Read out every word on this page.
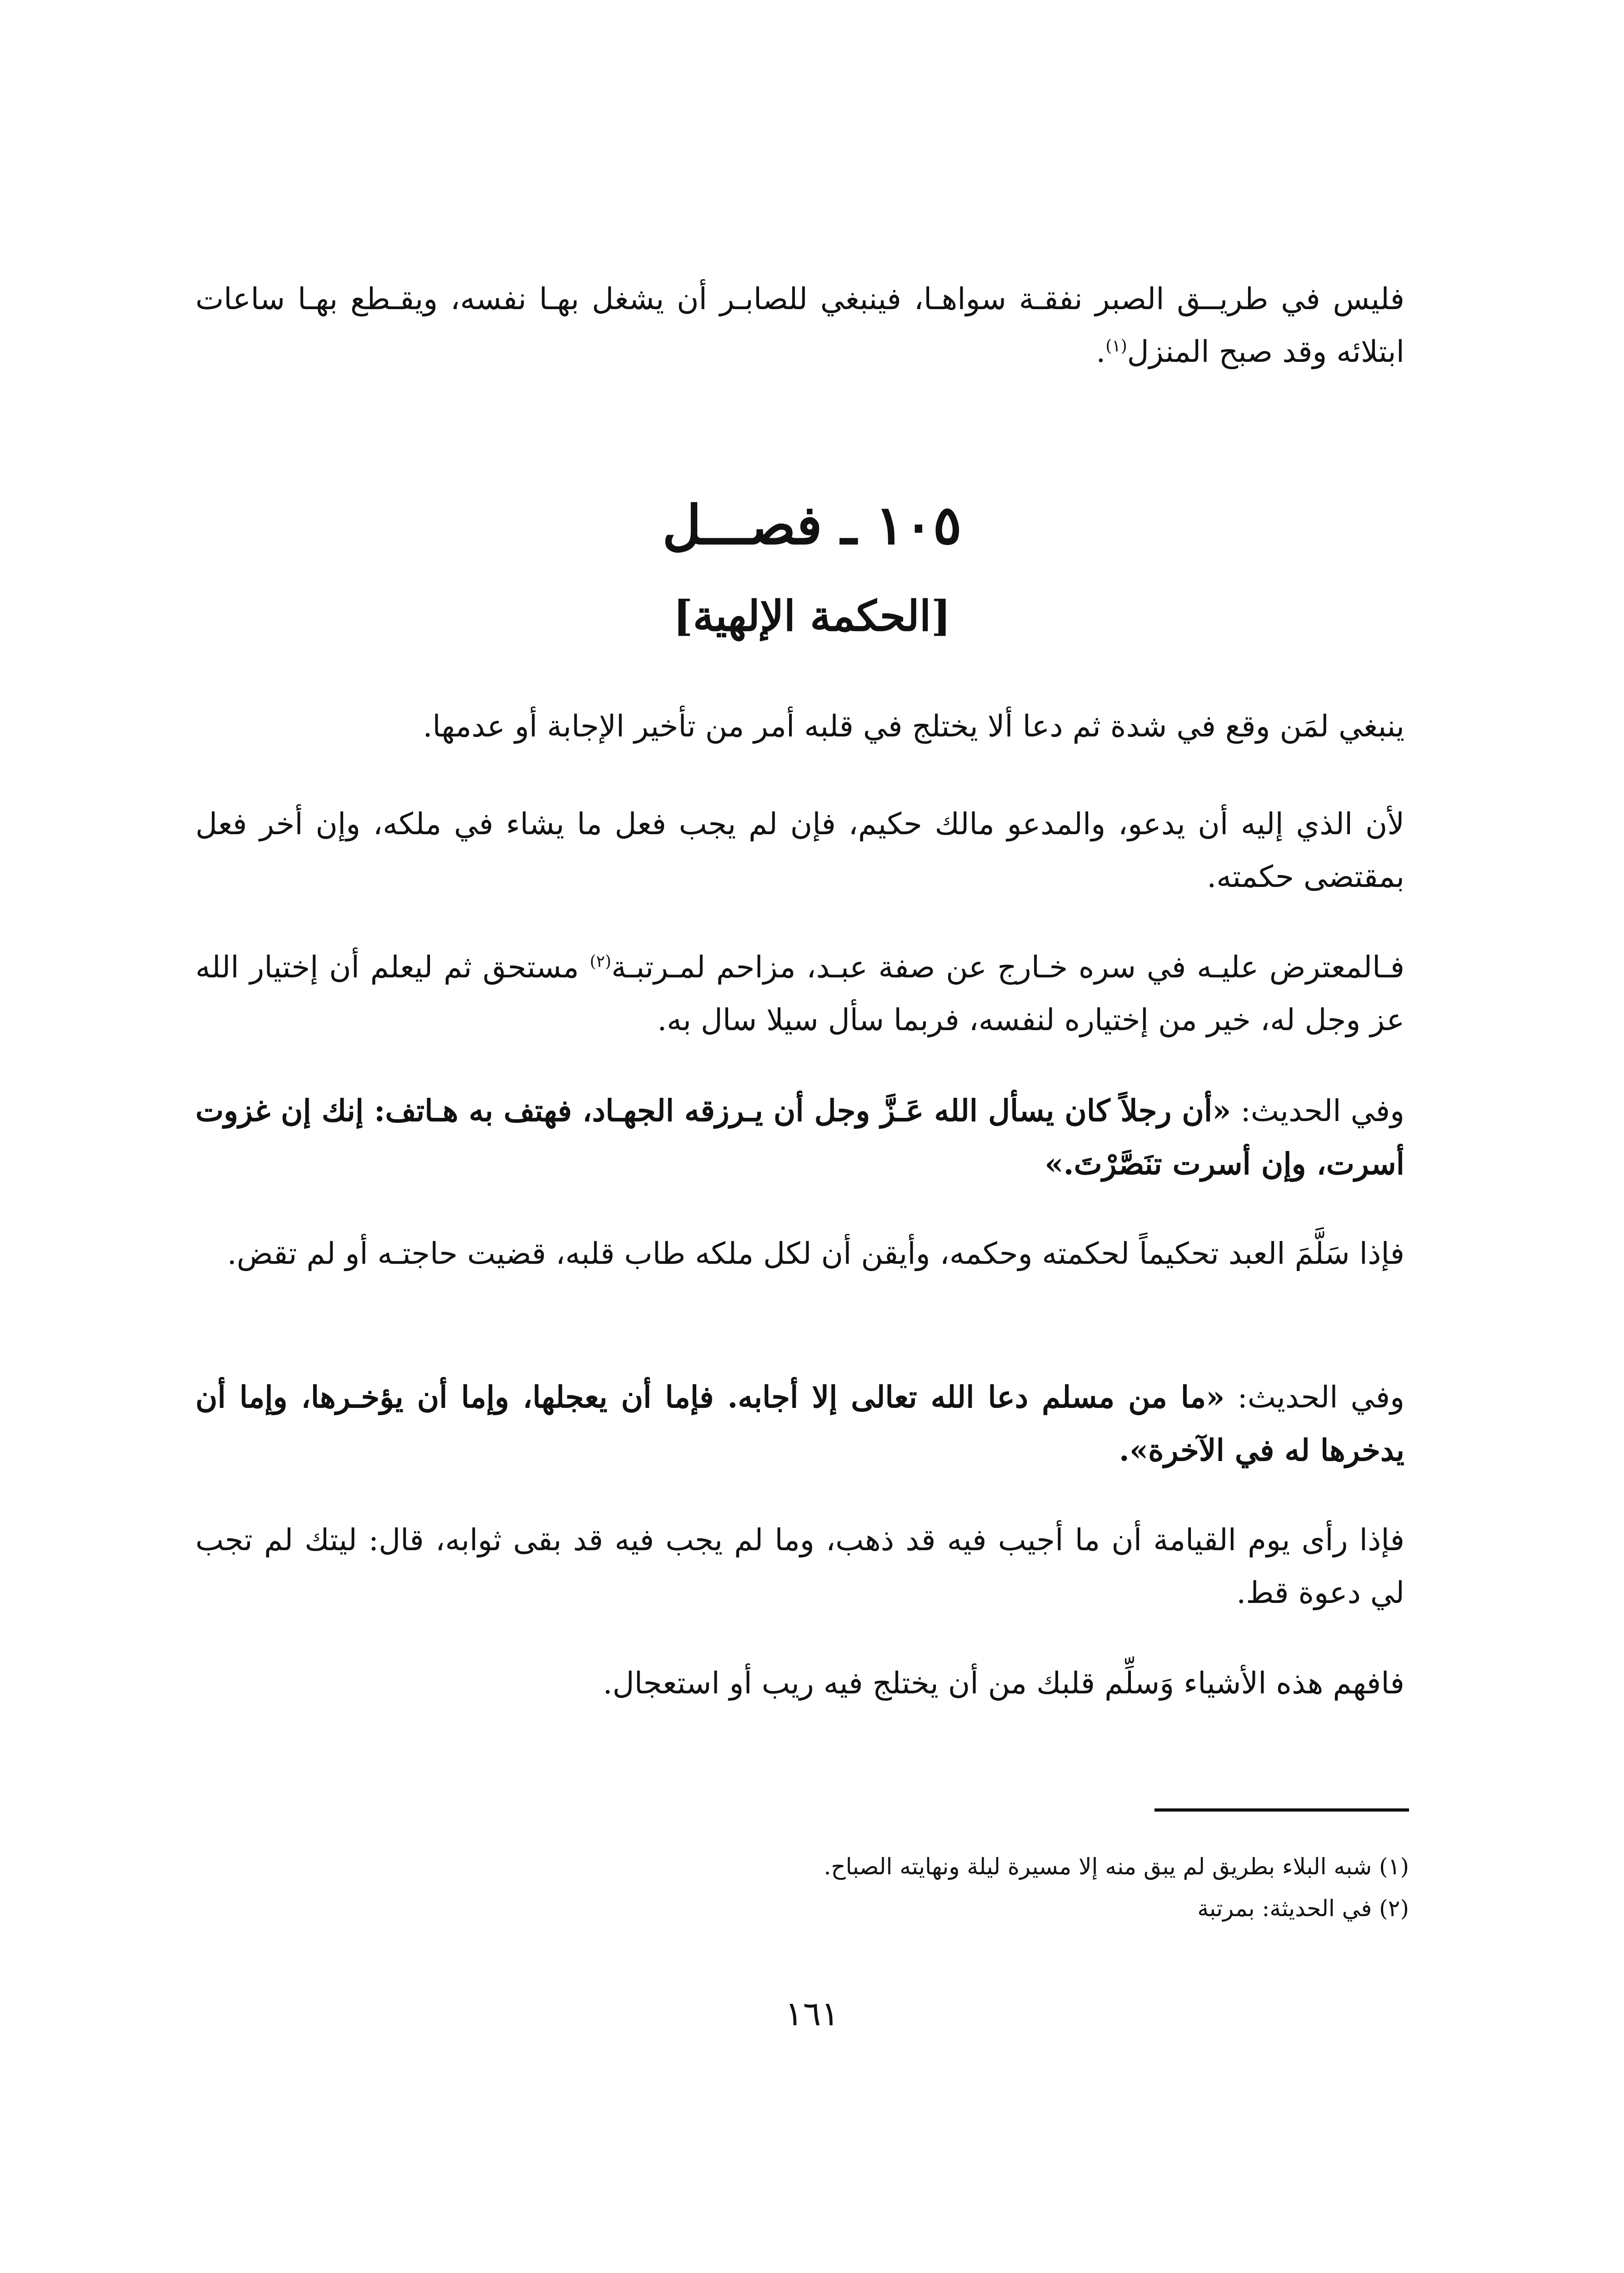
فليس في طريــق الصبر نفقـة سواهـا، فينبغي للصابـر أن يشغل بهـا نفسه، ويقـطع بهـا ساعات ابتلائه وقد صبح المنزل$^{(١)}$.
١٠٥ ـ فصـــل
[الحكمة الإلهية]
ينبغي لمَن وقع في شدة ثم دعا ألا يختلج في قلبه أمر من تأخير الإجابة أو عدمها.
لأن الذي إليه أن يدعو، والمدعو مالك حكيم، فإن لم يجب فعل ما يشاء في ملكه، وإن أخر فعل بمقتضى حكمته.
فـالمعترض عليـه في سره خـارج عن صفة عبـد، مزاحم لمـرتبـة$^{(٢)}$ مستحق ثم ليعلم أن إختيار الله عز وجل له، خير من إختياره لنفسه، فربما سأل سيلا سال به.
وفي الحديث: «أن رجلاً كان يسأل الله عَـزَّ وجل أن يـرزقه الجهـاد، فهتف به هـاتف: إنك إن غزوت أسرت، وإن أسرت تنَصَّرْتَ.»
فإذا سَلَّمَ العبد تحكيماً لحكمته وحكمه، وأيقن أن لكل ملكه طاب قلبه، قضيت حاجتـه أو لم تقض.
وفي الحديث: «ما من مسلم دعا الله تعالى إلا أجابه. فإما أن يعجلها، وإما أن يؤخـرها، وإما أن يدخرها له في الآخرة».
فإذا رأى يوم القيامة أن ما أجيب فيه قد ذهب، وما لم يجب فيه قد بقى ثوابه، قال: ليتك لم تجب لي دعوة قط.
فافهم هذه الأشياء وَسلِّم قلبك من أن يختلج فيه ريب أو استعجال.
(١) شبه البلاء بطريق لم يبق منه إلا مسيرة ليلة ونهايته الصباح.
(٢) في الحديثة: بمرتبة
١٦١
